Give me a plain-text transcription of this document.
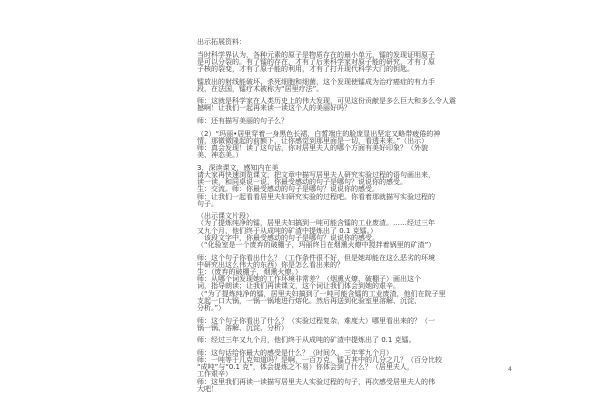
出示拓展资料：
当时科学界认为，各种元素的原子是物质存在的最小单元，镭的发现证明原子
是可以分裂的。有了镭的存在，才有了后来科学家对原子能的研究，才有了原
子核的裂变，才有了原子能的利用，才有了打开现代科学大门的钥匙。
镭放出的射线能破坏、杀死细胞和细菌，这个发现使镭成为治疗癌症的有力手
段，在法国，镭疗术被称为“居里疗法”。
师：这就是科学家在人类历史上的伟大发现，可见这份贡献是多么巨大和多么令人震
撼啊！让我们一起再来读一读这个人的美丽好吗？
师：还有描写美丽的句子么？
（2）“玛丽•居里穿着一身黑色长裙，白皙端庄的脸庞显出坚定又略带疲倦的神
情，那微微隆起的前额下，让你感觉到那里面是一切，看透未来。”（出示）
师：真会发现！读了这句话，你对居里夫人的哪个方面有美好印象？（外貌
美、神态美。）
3．深读课文，感知内在美
请大家再快速浏览课文，把文章中描写居里夫人研究实验过程的语句画出来，
读一读，和同桌说一说，你最受感动的句子是哪句？说说你的感受。
生：交流。师：你最受感动的句子是哪句？说说你的感受。
师：让我们一起看看居里夫妇研究实验的过程吧。你看着那就描写实验过程的
句子。
（出示课文片段）
（为了提炼纯净的镭，居里夫妇搞到一吨可能含镭的工业废渣。……经过三年
又九个月，他们终于从成吨的矿渣中提炼出了 0.1 克镭。）
　该段文字中，你最受感动的句子是哪句？说说你的感受。
（“化验室是一个废弃的破棚子，玛丽终日在烟熏火燎中搅拌着锅里的矿渣”）
师：这个句子你看出什么？（工作条件很不好，但是她却能在这么恶劣的环境
中研究出这么伟大的东西）你是怎么看出来的？
生：（废弃的破棚子，烟熏火燎。）
师：从哪个词发现她的工作环境非常差？（烟熏火燎、破棚子）画出这个
词，指导朗读；让我们再读课文，这个词让我们体会到她的艰辛。
（“为了提炼纯净的镭，居里夫妇搞到了一吨可能含镭的工业废渣，他们在院子里
支起一口大锅，一锅一锅地进行熔化。然后再送到化验室里溶解、沉淀、
分析。”）
师：这个句子你看出了什么？（实验过程复杂，难度大）哪里看出来的？（一
锅一锅、溶解、沉淀、分析）
师：经过三年又九个月，他们终于从成吨的矿渣中提炼出了 0.1 克镭。
师：这句话给你最大的感受是什么？（时间久，三年零九个月）
师：一吨等于几克知道吗？是啊，一百万克，镭占其中的几分之几？（百分比较
“成吨”与“0.1 克”，体会提炼之不易）你体会到了什么？（居里夫人，
工作艰辛）
师：这里我们再读一读描写居里夫人实验过程的句子，再次感受居里夫人的伟
大吧！
4
